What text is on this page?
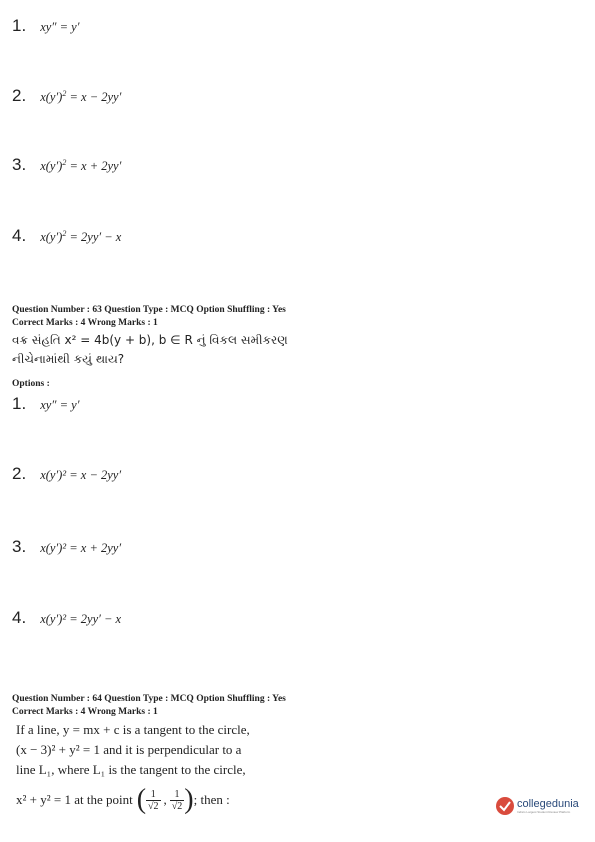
1. xy″ = y′
2. $x(y')^2 = x - 2yy'$
3. $x(y')^2 = x + 2yy'$
4. $x(y')^2 = 2yy' - x$
Question Number : 63 Question Type : MCQ Option Shuffling : Yes
Correct Marks : 4 Wrong Marks : 1
વક્ર સંહતિ x² = 4b(y + b), b ∈ R નું વિકલ સમીકરણ
નીચેનામાંથી કયું થાય?
Options :
1. xy″ = y′
2. x(y′)² = x − 2yy′
3. x(y′)² = x + 2yy′
4. x(y′)² = 2yy′ − x
Question Number : 64 Question Type : MCQ Option Shuffling : Yes
Correct Marks : 4 Wrong Marks : 1
If a line, y = mx + c is a tangent to the circle,
(x − 3)² + y² = 1 and it is perpendicular to a
line L₁, where L₁ is the tangent to the circle,
x² + y² = 1 at the point ( $\frac{1}{√2}$ , $\frac{1}{√2}$ ) ; then :	collegedunia
India's Largest Student Review Platform
